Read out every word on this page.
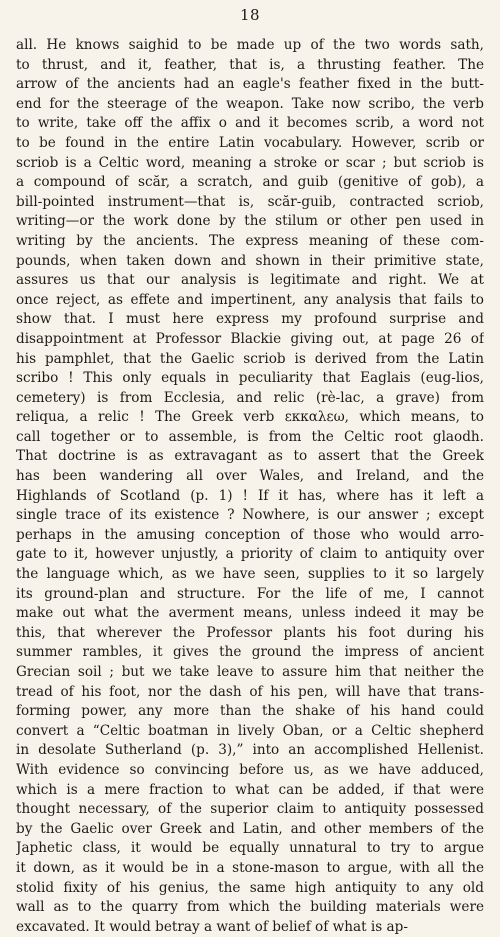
18
all. He knows saighid to be made up of the two words sath,
to thrust, and it, feather, that is, a thrusting feather. The
arrow of the ancients had an eagle's feather fixed in the butt-
end for the steerage of the weapon. Take now scribo, the verb
to write, take off the affix o and it becomes scrib, a word not
to be found in the entire Latin vocabulary. However, scrib or
scriob is a Celtic word, meaning a stroke or scar ; but scriob is
a compound of scăr, a scratch, and guib (genitive of gob), a
bill-pointed instrument—that is, scăr-guib, contracted scriob,
writing—or the work done by the stilum or other pen used in
writing by the ancients. The express meaning of these com-
pounds, when taken down and shown in their primitive state,
assures us that our analysis is legitimate and right. We at
once reject, as effete and impertinent, any analysis that fails to
show that. I must here express my profound surprise and
disappointment at Professor Blackie giving out, at page 26 of
his pamphlet, that the Gaelic scriob is derived from the Latin
scribo ! This only equals in peculiarity that Eaglais (eug-lios,
cemetery) is from Ecclesia, and relic (rè-lac, a grave) from
reliqua, a relic ! The Greek verb εκκαλεω, which means, to
call together or to assemble, is from the Celtic root glaodh.
That doctrine is as extravagant as to assert that the Greek
has been wandering all over Wales, and Ireland, and the
Highlands of Scotland (p. 1) ! If it has, where has it left a
single trace of its existence ? Nowhere, is our answer ; except
perhaps in the amusing conception of those who would arro-
gate to it, however unjustly, a priority of claim to antiquity over
the language which, as we have seen, supplies to it so largely
its ground-plan and structure. For the life of me, I cannot
make out what the averment means, unless indeed it may be
this, that wherever the Professor plants his foot during his
summer rambles, it gives the ground the impress of ancient
Grecian soil ; but we take leave to assure him that neither the
tread of his foot, nor the dash of his pen, will have that trans-
forming power, any more than the shake of his hand could
convert a “Celtic boatman in lively Oban, or a Celtic shepherd
in desolate Sutherland (p. 3),” into an accomplished Hellenist.
With evidence so convincing before us, as we have adduced,
which is a mere fraction to what can be added, if that were
thought necessary, of the superior claim to antiquity possessed
by the Gaelic over Greek and Latin, and other members of the
Japhetic class, it would be equally unnatural to try to argue
it down, as it would be in a stone-mason to argue, with all the
stolid fixity of his genius, the same high antiquity to any old
wall as to the quarry from which the building materials were
excavated. It would betray a want of belief of what is ap-
